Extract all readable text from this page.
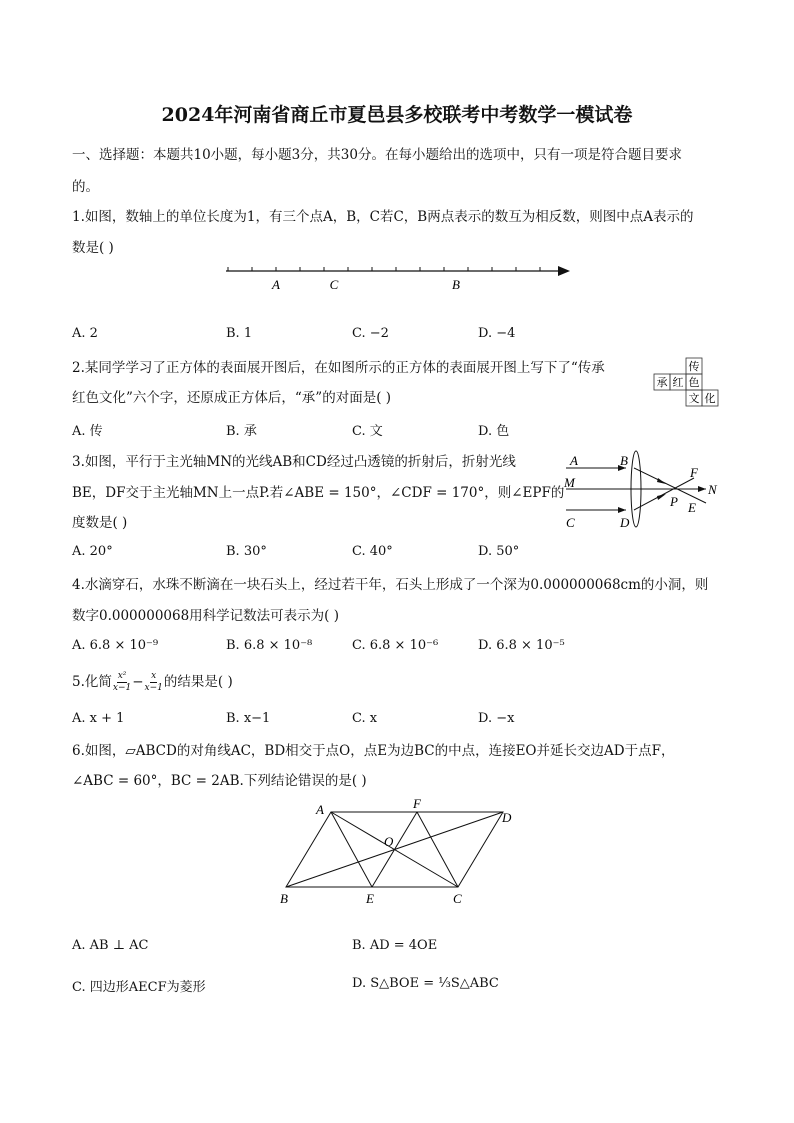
2024年河南省商丘市夏邑县多校联考中考数学一模试卷
一、选择题：本题共10小题，每小题3分，共30分。在每小题给出的选项中，只有一项是符合题目要求
的。
1.如图，数轴上的单位长度为1，有三个点A，B，C若C，B两点表示的数互为相反数，则图中点A表示的
数是( )
A	C	B
A. 2	B. 1	C. −2	D. −4
2.某同学学习了正方体的表面展开图后，在如图所示的正方体的表面展开图上写下了“传承
红色文化”六个字，还原成正方体后，“承”的对面是( )
传
承 红 色
文 化
A. 传	B. 承	C. 文	D. 色
3.如图，平行于主光轴MN的光线AB和CD经过凸透镜的折射后，折射光线
BE，DF交于主光轴MN上一点P.若∠ABE = 150°，∠CDF = 170°，则∠EPF的
度数是( )
A	B
M
C	D
F
N
P E
A. 20°	B. 30°	C. 40°	D. 50°
4.水滴穿石，水珠不断滴在一块石头上，经过若干年，石头上形成了一个深为0.000000068cm的小洞，则
数字0.000000068用科学记数法可表示为( )
A. 6.8 × 10⁻⁹	B. 6.8 × 10⁻⁸	C. 6.8 × 10⁻⁶	D. 6.8 × 10⁻⁵
5.化简 $\frac{\text{x²}}{x-1} - \frac{x}{x-1}$ 的结果是( )
A. x + 1	B. x−1	C. x	D. −x
6.如图，▱ABCD的对角线AC，BD相交于点O，点E为边BC的中点，连接EO并延长交边AD于点F，
∠ABC = 60°，BC = 2AB.下列结论错误的是( )
A	F
D
O
B	E	C
A. AB ⊥ AC	B. AD = 4OE
C. 四边形AECF为菱形	D. S△BOE = ⅓S△ABC
